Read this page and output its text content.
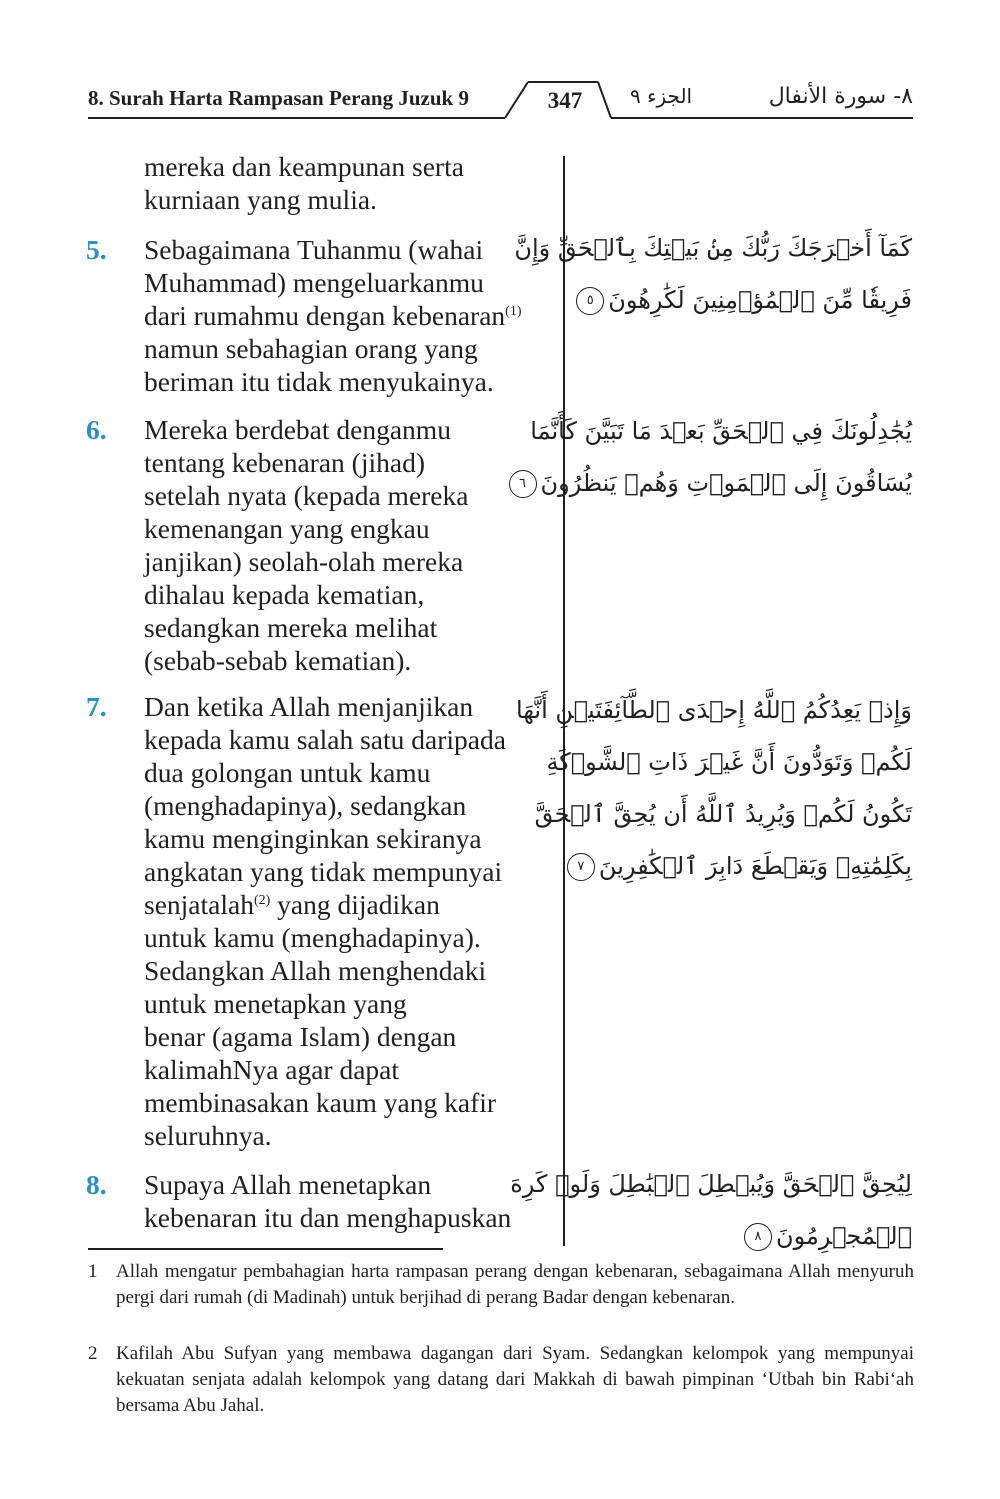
8. Surah Harta Rampasan Perang Juzuk 9	347	الجزء ٩	٨- سورة الأنفال
mereka dan keampunan serta
kurniaan yang mulia.
5. Sebagaimana Tuhanmu (wahai

Muhammad) mengeluarkanmu

dari rumahmu dengan kebenaran$^{(1)}$

namun sebahagian orang yang

beriman itu tidak menyukainya.

كَمَآ أَخۡرَجَكَ رَبُّكَ مِنۢ بَيۡتِكَ بِٱلۡحَقِّ وَإِنَّ

فَرِيقٗا مِّنَ ٱلۡمُؤۡمِنِينَ لَكَٰرِهُونَ٥

6. Mereka berdebat denganmu

tentang kebenaran (jihad)

setelah nyata (kepada mereka

kemenangan yang engkau

janjikan) seolah-olah mereka

dihalau kepada kematian,

sedangkan mereka melihat

(sebab-sebab kematian).

يُجَٰدِلُونَكَ فِي ٱلۡحَقِّ بَعۡدَ مَا تَبَيَّنَ كَأَنَّمَا

يُسَاقُونَ إِلَى ٱلۡمَوۡتِ وَهُمۡ يَنظُرُونَ٦

7. Dan ketika Allah menjanjikan

kepada kamu salah satu daripada

dua golongan untuk kamu

(menghadapinya), sedangkan

kamu menginginkan sekiranya

angkatan yang tidak mempunyai

senjatalah$^{(2)}$ yang dijadikan

untuk kamu (menghadapinya).

Sedangkan Allah menghendaki

untuk menetapkan yang

benar (agama Islam) dengan

kalimahNya agar dapat

membinasakan kaum yang kafir

seluruhnya.

وَإِذۡ يَعِدُكُمُ ٱللَّهُ إِحۡدَى ٱلطَّآئِفَتَيۡنِ أَنَّهَا

لَكُمۡ وَتَوَدُّونَ أَنَّ غَيۡرَ ذَاتِ ٱلشَّوۡكَةِ

تَكُونُ لَكُمۡ وَيُرِيدُ ٱللَّهُ أَن يُحِقَّ ٱلۡحَقَّ

بِكَلِمَٰتِهِۦ وَيَقۡطَعَ دَابِرَ ٱلۡكَٰفِرِينَ٧

8. Supaya Allah menetapkan

kebenaran itu dan menghapuskan

لِيُحِقَّ ٱلۡحَقَّ وَيُبۡطِلَ ٱلۡبَٰطِلَ وَلَوۡ كَرِهَ

ٱلۡمُجۡرِمُونَ٨

1 Allah mengatur pembahagian harta rampasan perang dengan kebenaran, sebagaimana Allah menyuruh pergi dari rumah (di Madinah) untuk berjihad di perang Badar dengan kebenaran.
2 Kafilah Abu Sufyan yang membawa dagangan dari Syam. Sedangkan kelompok yang mempunyai kekuatan senjata adalah kelompok yang datang dari Makkah di bawah pimpinan ‘Utbah bin Rabi‘ah bersama Abu Jahal.
